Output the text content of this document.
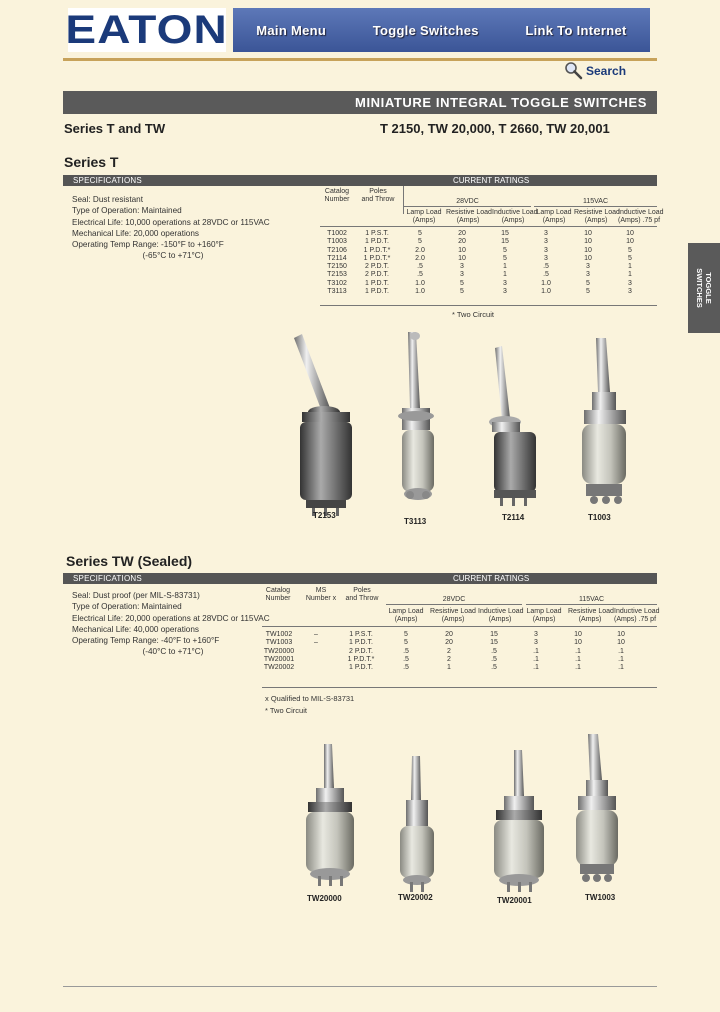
EATON Main Menu	Toggle Switches	Link To Internet
Search
MINIATURE INTEGRAL TOGGLE SWITCHES
Series T and TW	T 2150, TW 20,000, T 2660, TW 20,001
TOGGLE
SWITCHES
Series T
SPECIFICATIONS	CURRENT RATINGS
Seal: Dust resistant
Type of Operation: Maintained
Electrical Life: 10,000 operations at 28VDC or 115VAC
Mechanical Life: 20,000 operations
Operating Temp Range: -150°F to +160°F
(-65°C to +71°C)
Catalog
Number
Poles
and Throw	28VDC	115VAC
Lamp Load
(Amps)
Resistive Load
(Amps)
Inductive Load
(Amps)
Lamp Load
(Amps)
Resistive Load
(Amps)
Inductive Load
(Amps) .75 pf
T1002	1 P.S.T.	5	20	15	3	10	10
T1003	1 P.D.T.	5	20	15	3	10	10
T2106	1 P.D.T.*	2.0	10	5	3	10	5
T2114	1 P.D.T.*	2.0	10	5	3	10	5
T2150	2 P.D.T.	.5	3	1	.5	3	1
T2153	2 P.D.T.	.5	3	1	.5	3	1
T3102	1 P.D.T.	1.0	5	3	1.0	5	3
T3113	1 P.D.T.	1.0	5	3	1.0	5	3
* Two Circuit
T2153
T3113	T2114	T1003
Series TW (Sealed)
SPECIFICATIONS	CURRENT RATINGS
Seal: Dust proof (per MIL-S-83731)
Type of Operation: Maintained
Electrical Life: 20,000 operations at 28VDC or 115VAC
Mechanical Life: 40,000 operations
Operating Temp Range: -40°F to +160°F
(-40°C to +71°C)
Catalog
Number
MS
Number x
Poles
and Throw	28VDC	115VAC
Lamp Load
(Amps)
Resistive Load
(Amps)
Inductive Load
(Amps)
Lamp Load
(Amps)
Resistive Load
(Amps)
Inductive Load
(Amps) .75 pf
TW1002	–	1 P.S.T.	5	20	15	3	10	10
TW1003	–	1 P.D.T.	5	20	15	3	10	10
TW20000		2 P.D.T.	.5	2	.5	.1	.1	.1
TW20001		1 P.D.T.*	.5	2	.5	.1	.1	.1
TW20002		1 P.D.T.	.5	1	.5	.1	.1	.1
x Qualified to MIL-S-83731
* Two Circuit
TW20000	TW20002	TW20001	TW1003
